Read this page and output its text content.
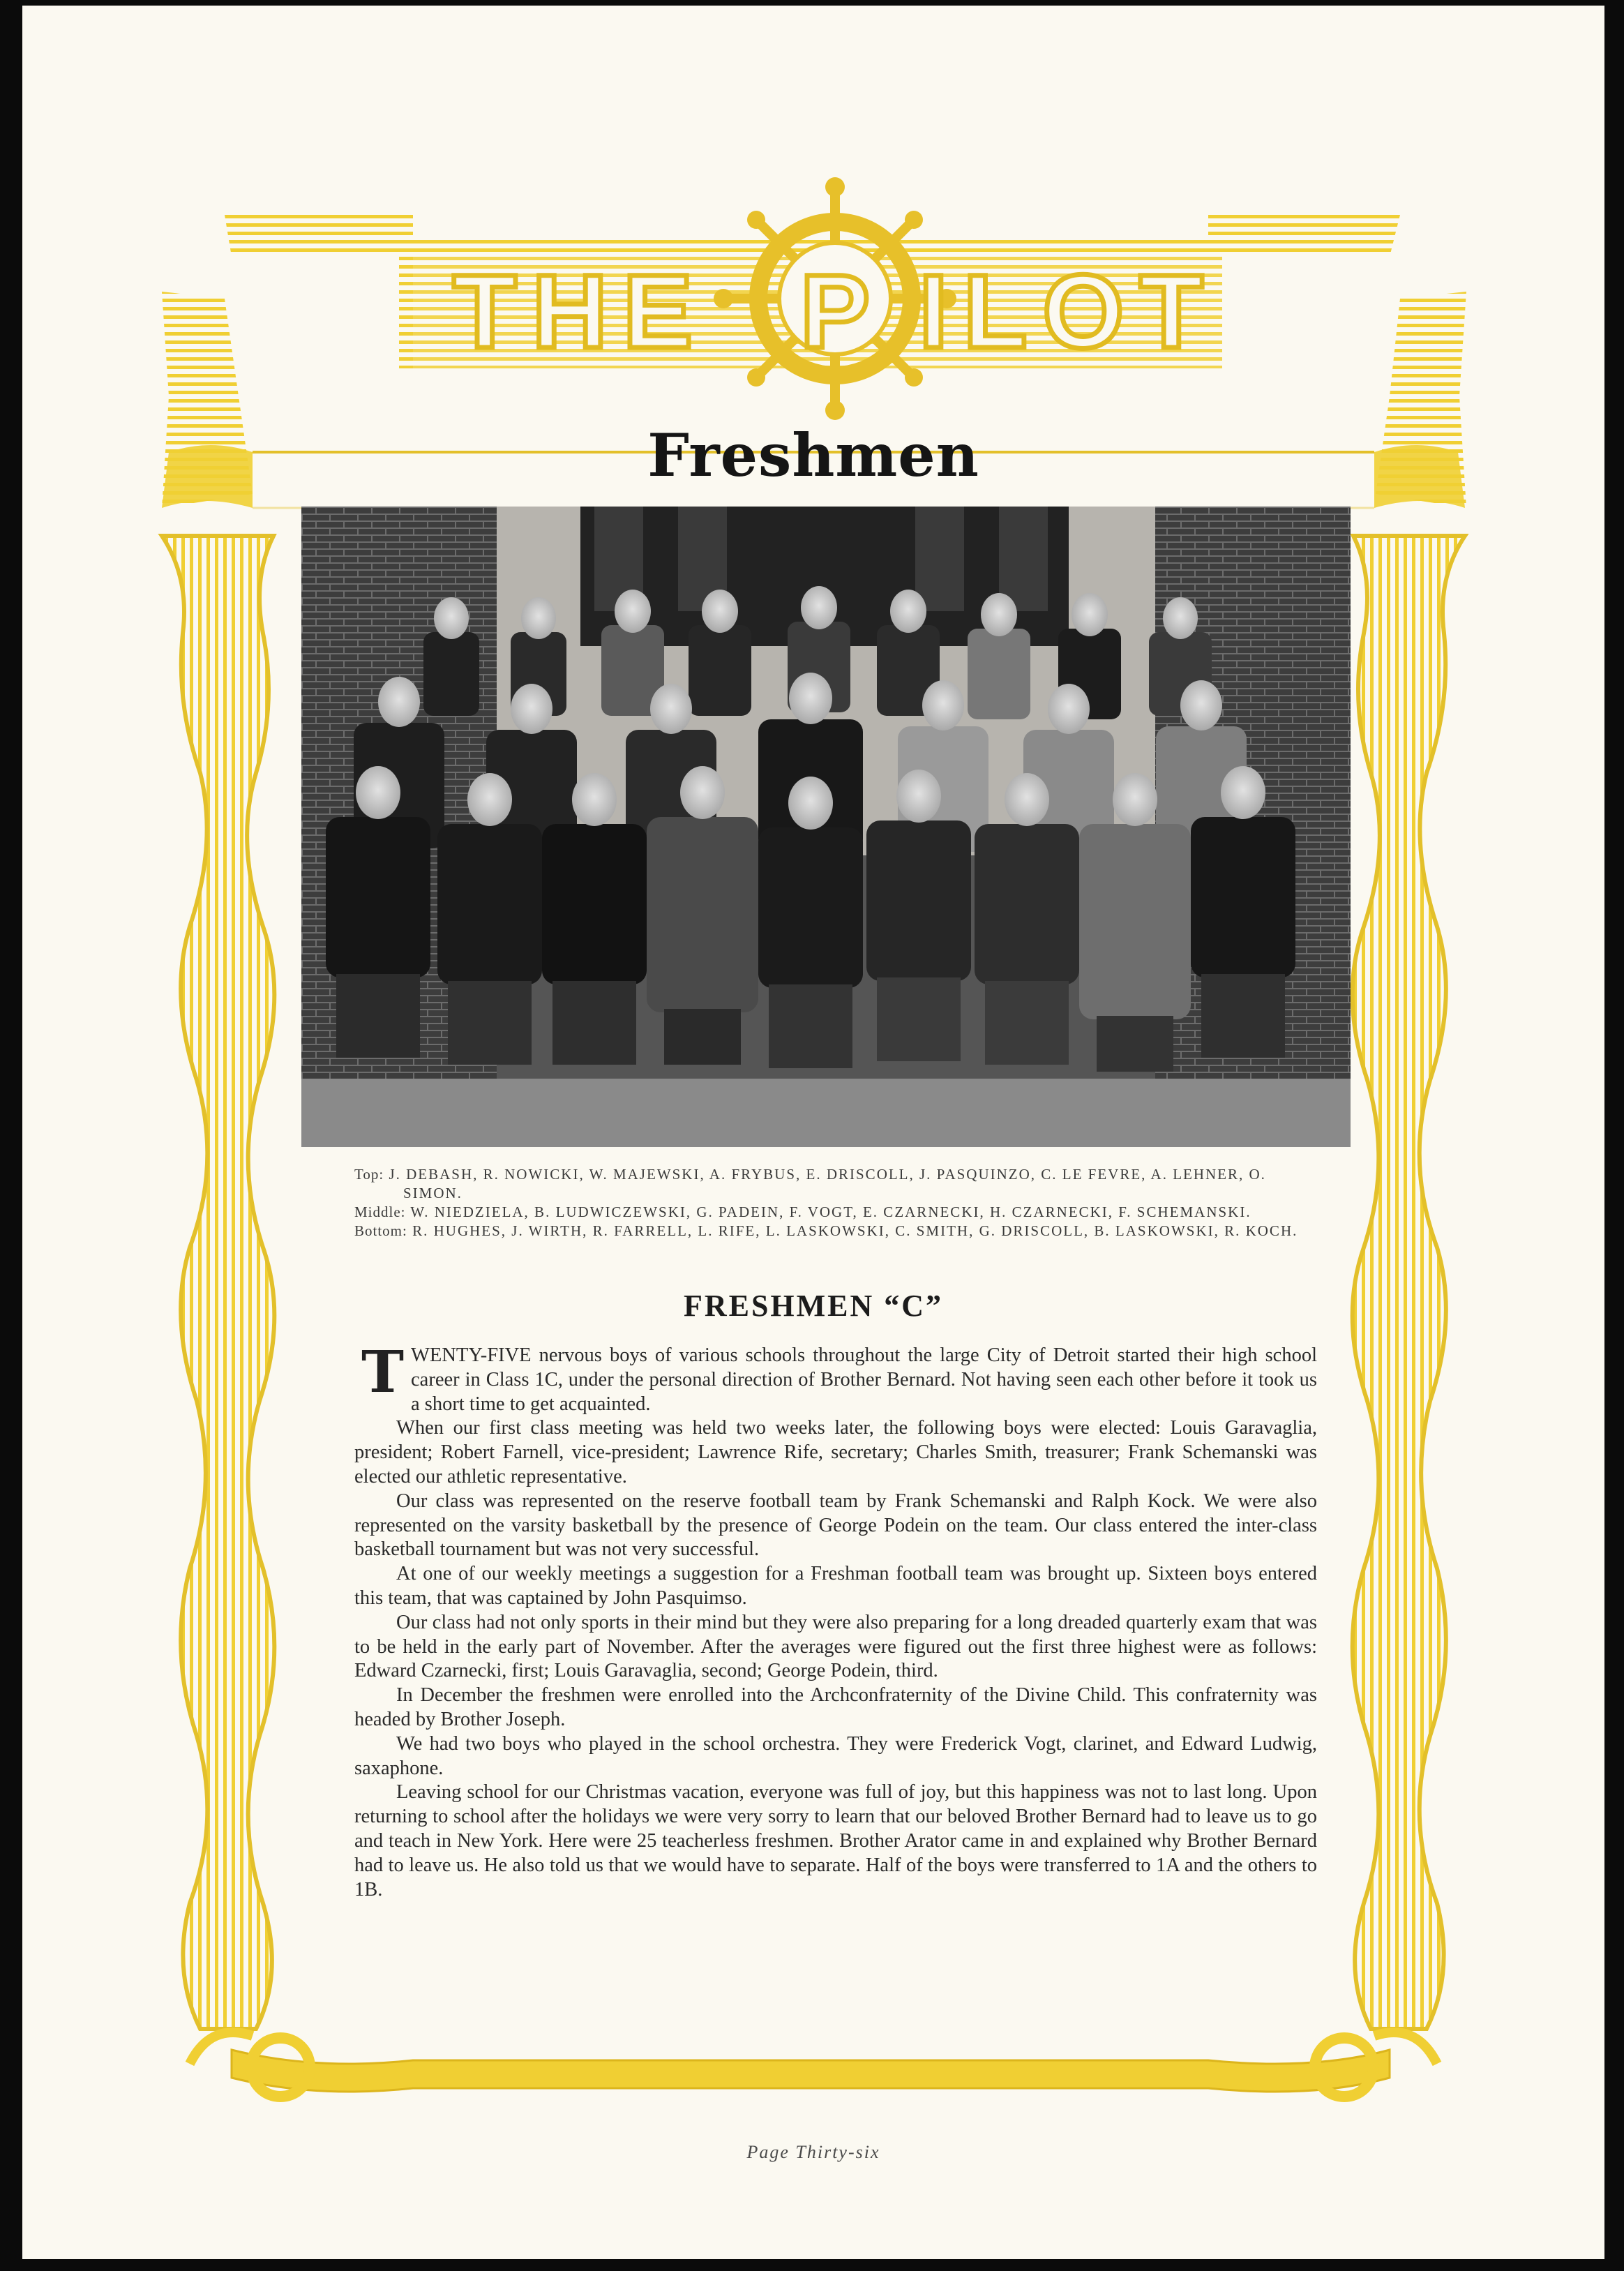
THE P ILOT
Freshmen

Top: J. DEBASH, R. NOWICKI, W. MAJEWSKI, A. FRYBUS, E. DRISCOLL, J. PASQUINZO, C. LE FEVRE, A. LEHNER, O. SIMON.

Middle: W. NIEDZIELA, B. LUDWICZEWSKI, G. PADEIN, F. VOGT, E. CZARNECKI, H. CZARNECKI, F. SCHEMANSKI.

Bottom: R. HUGHES, J. WIRTH, R. FARRELL, L. RIFE, L. LASKOWSKI, C. SMITH, G. DRISCOLL, B. LASKOWSKI, R. KOCH.

FRESHMEN “C”

TWENTY-FIVE nervous boys of various schools throughout the large City of Detroit started their high school career in Class 1C, under the personal direction of Brother Bernard. Not having seen each other before it took us a short time to get acquainted.

When our first class meeting was held two weeks later, the following boys were elected: Louis Garavaglia, president; Robert Farnell, vice-president; Lawrence Rife, secretary; Charles Smith, treasurer; Frank Schemanski was elected our athletic representative.

Our class was represented on the reserve football team by Frank Schemanski and Ralph Kock. We were also represented on the varsity basketball by the presence of George Podein on the team. Our class entered the inter-class basketball tournament but was not very successful.

At one of our weekly meetings a suggestion for a Freshman football team was brought up. Sixteen boys entered this team, that was captained by John Pasquimso.

Our class had not only sports in their mind but they were also preparing for a long dreaded quarterly exam that was to be held in the early part of November. After the averages were figured out the first three highest were as follows: Edward Czarnecki, first; Louis Garavaglia, second; George Podein, third.

In December the freshmen were enrolled into the Archconfraternity of the Divine Child. This confraternity was headed by Brother Joseph.

We had two boys who played in the school orchestra. They were Frederick Vogt, clarinet, and Edward Ludwig, saxaphone.

Leaving school for our Christmas vacation, everyone was full of joy, but this happiness was not to last long. Upon returning to school after the holidays we were very sorry to learn that our beloved Brother Bernard had to leave us to go and teach in New York. Here were 25 teacherless freshmen. Brother Arator came in and explained why Brother Bernard had to leave us. He also told us that we would have to separate. Half of the boys were transferred to 1A and the others to 1B.

Page Thirty-six
